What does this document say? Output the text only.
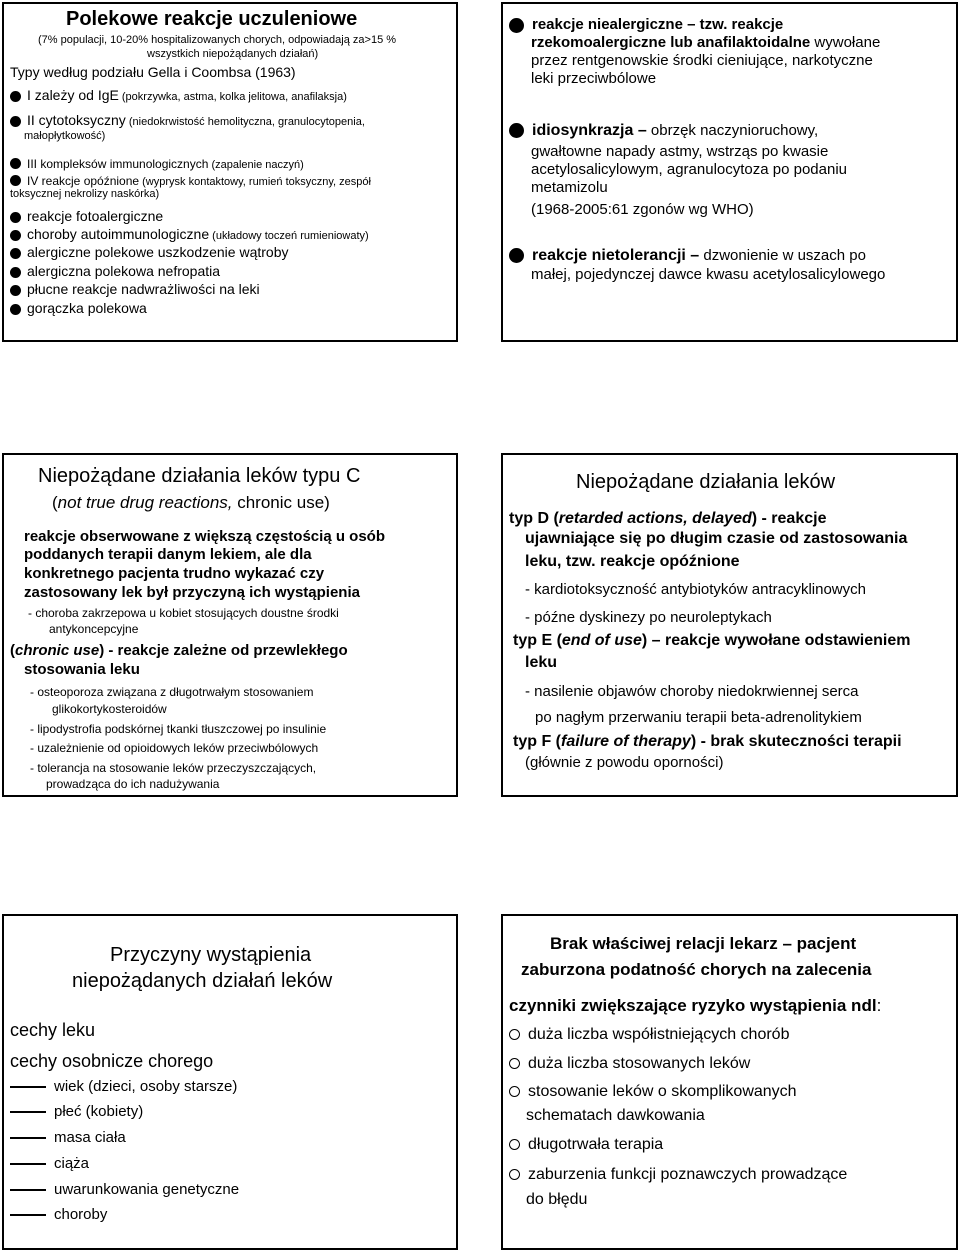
Polekowe reakcje uczuleniowe
(7% populacji, 10-20% hospitalizowanych chorych, odpowiadają za>15 %
wszystkich niepożądanych działań)
Typy według podziału Gella i Coombsa (1963)
I zależy od IgE (pokrzywka, astma, kolka jelitowa, anafilaksja)
II cytotoksyczny (niedokrwistość hemolityczna, granulocytopenia,
małopłytkowość)
III kompleksów immunologicznych (zapalenie naczyń)
IV reakcje opóźnione (wyprysk kontaktowy, rumień toksyczny, zespół
toksycznej nekrolizy naskórka)
reakcje fotoalergiczne
choroby autoimmunologiczne (układowy toczeń rumieniowaty)
alergiczne polekowe uszkodzenie wątroby
alergiczna polekowa nefropatia
płucne reakcje nadwrażliwości na leki
gorączka polekowa
reakcje niealergiczne – tzw. reakcje
rzekomoalergiczne lub anafilaktoidalne wywołane
przez rentgenowskie środki cieniujące, narkotyczne
leki przeciwbólowe
idiosynkrazja – obrzęk naczynioruchowy,
gwałtowne napady astmy, wstrząs po kwasie
acetylosalicylowym, agranulocytoza po podaniu
metamizolu
(1968-2005:61 zgonów wg WHO)
reakcje nietolerancji – dzwonienie w uszach po
małej, pojedynczej dawce kwasu acetylosalicylowego
Niepożądane działania leków typu C
(not true drug reactions, chronic use)
reakcje obserwowane z większą częstością u osób
poddanych terapii danym lekiem, ale dla
konkretnego pacjenta trudno wykazać czy
zastosowany lek był przyczyną ich wystąpienia
- choroba zakrzepowa u kobiet stosujących doustne środki
antykoncepcyjne
(chronic use) - reakcje zależne od przewlekłego
stosowania leku
- osteoporoza związana z długotrwałym stosowaniem
glikokortykosteroidów
- lipodystrofia podskórnej tkanki tłuszczowej po insulinie
- uzależnienie od opioidowych leków przeciwbólowych
- tolerancja na stosowanie leków przeczyszczających,
prowadząca do ich nadużywania
Niepożądane działania leków
typ D (retarded actions, delayed) - reakcje
ujawniające się po długim czasie od zastosowania
leku, tzw. reakcje opóźnione
- kardiotoksyczność antybiotyków antracyklinowych
- późne dyskinezy po neuroleptykach
typ E (end of use) – reakcje wywołane odstawieniem
leku
- nasilenie objawów choroby niedokrwiennej serca
po nagłym przerwaniu terapii beta-adrenolitykiem
typ F (failure of therapy) - brak skuteczności terapii
(głównie z powodu oporności)
Przyczyny wystąpienia
niepożądanych działań leków
cechy leku
cechy osobnicze chorego
wiek (dzieci, osoby starsze)
płeć (kobiety)
masa ciała
ciąża
uwarunkowania genetyczne
choroby
Brak właściwej relacji lekarz – pacjent
zaburzona podatność chorych na zalecenia
czynniki zwiększające ryzyko wystąpienia ndl:
duża liczba współistniejących chorób
duża liczba stosowanych leków
stosowanie leków o skomplikowanych
schematach dawkowania
długotrwała terapia
zaburzenia funkcji poznawczych prowadzące
do błędu
